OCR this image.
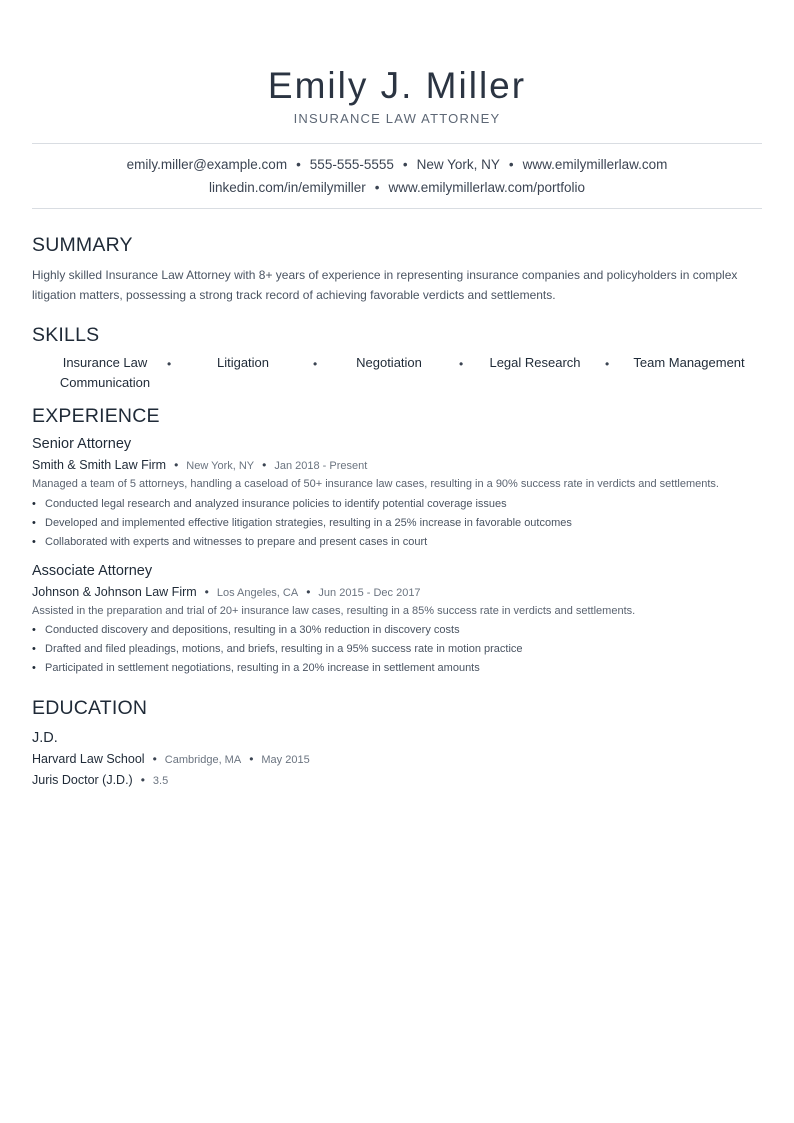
Emily J. Miller
INSURANCE LAW ATTORNEY
emily.miller@example.com • 555-555-5555 • New York, NY • www.emilymillerlaw.com
linkedin.com/in/emilymiller • www.emilymillerlaw.com/portfolio
SUMMARY
Highly skilled Insurance Law Attorney with 8+ years of experience in representing insurance companies and policyholders in complex litigation matters, possessing a strong track record of achieving favorable verdicts and settlements.
SKILLS
Insurance Law	•	Litigation	•	Negotiation	•	Legal Research	•	Team Management
Communication
EXPERIENCE
Senior Attorney
Smith & Smith Law Firm • New York, NY • Jan 2018 - Present
Managed a team of 5 attorneys, handling a caseload of 50+ insurance law cases, resulting in a 90% success rate in verdicts and settlements.
• Conducted legal research and analyzed insurance policies to identify potential coverage issues
• Developed and implemented effective litigation strategies, resulting in a 25% increase in favorable outcomes
• Collaborated with experts and witnesses to prepare and present cases in court
Associate Attorney
Johnson & Johnson Law Firm • Los Angeles, CA • Jun 2015 - Dec 2017
Assisted in the preparation and trial of 20+ insurance law cases, resulting in a 85% success rate in verdicts and settlements.
• Conducted discovery and depositions, resulting in a 30% reduction in discovery costs
• Drafted and filed pleadings, motions, and briefs, resulting in a 95% success rate in motion practice
• Participated in settlement negotiations, resulting in a 20% increase in settlement amounts
EDUCATION
J.D.
Harvard Law School • Cambridge, MA • May 2015
Juris Doctor (J.D.) • 3.5
